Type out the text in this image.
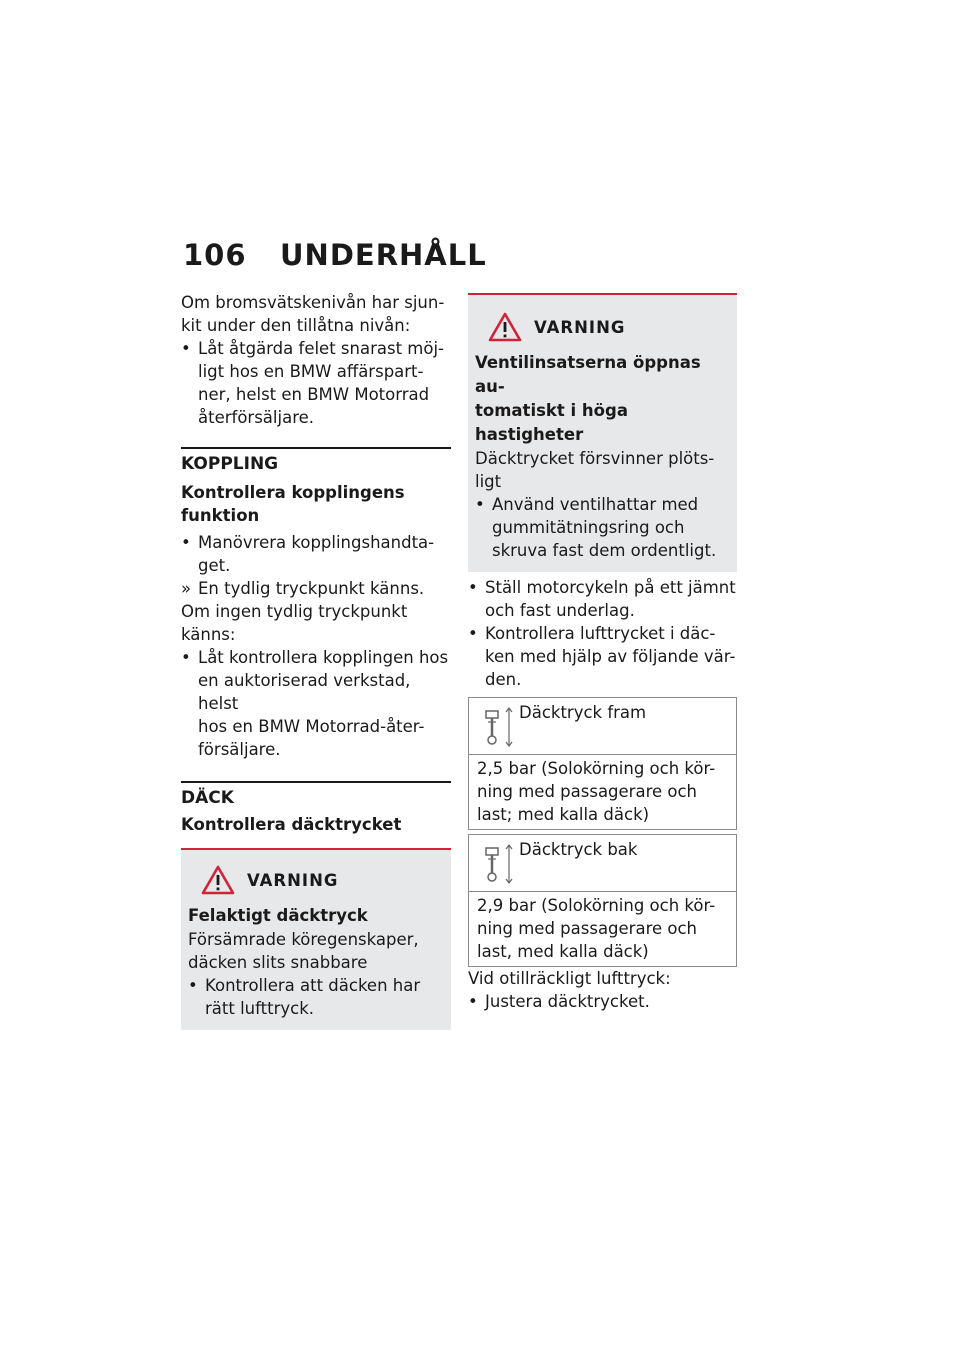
106 UNDERHÅLL
Om bromsvätskenivån har sjun-
kit under den tillåtna nivån:
• Låt åtgärda felet snarast möj-
ligt hos en BMW affärspart-
ner, helst en BMW Motorrad
återförsäljare.
KOPPLING
Kontrollera kopplingens
funktion
• Manövrera kopplingshandta-
get.
» En tydlig tryckpunkt känns.
Om ingen tydlig tryckpunkt
känns:
• Låt kontrollera kopplingen hos
en auktoriserad verkstad, helst
hos en BMW Motorrad-åter-
försäljare.
DÄCK
Kontrollera däcktrycket
VARNING
Felaktigt däcktryck
Försämrade köregenskaper,
däcken slits snabbare
• Kontrollera att däcken har
rätt lufttryck.
VARNING
Ventilinsatserna öppnas au-
tomatiskt i höga hastigheter
Däcktrycket försvinner plöts-
ligt
• Använd ventilhattar med
gummitätningsring och
skruva fast dem ordentligt.
• Ställ motorcykeln på ett jämnt
och fast underlag.
• Kontrollera lufttrycket i däc-
ken med hjälp av följande vär-
den.
Däcktryck fram
2,5 bar (Solokörning och kör-
ning med passagerare och
last; med kalla däck)
Däcktryck bak
2,9 bar (Solokörning och kör-
ning med passagerare och
last, med kalla däck)
Vid otillräckligt lufttryck:
• Justera däcktrycket.
